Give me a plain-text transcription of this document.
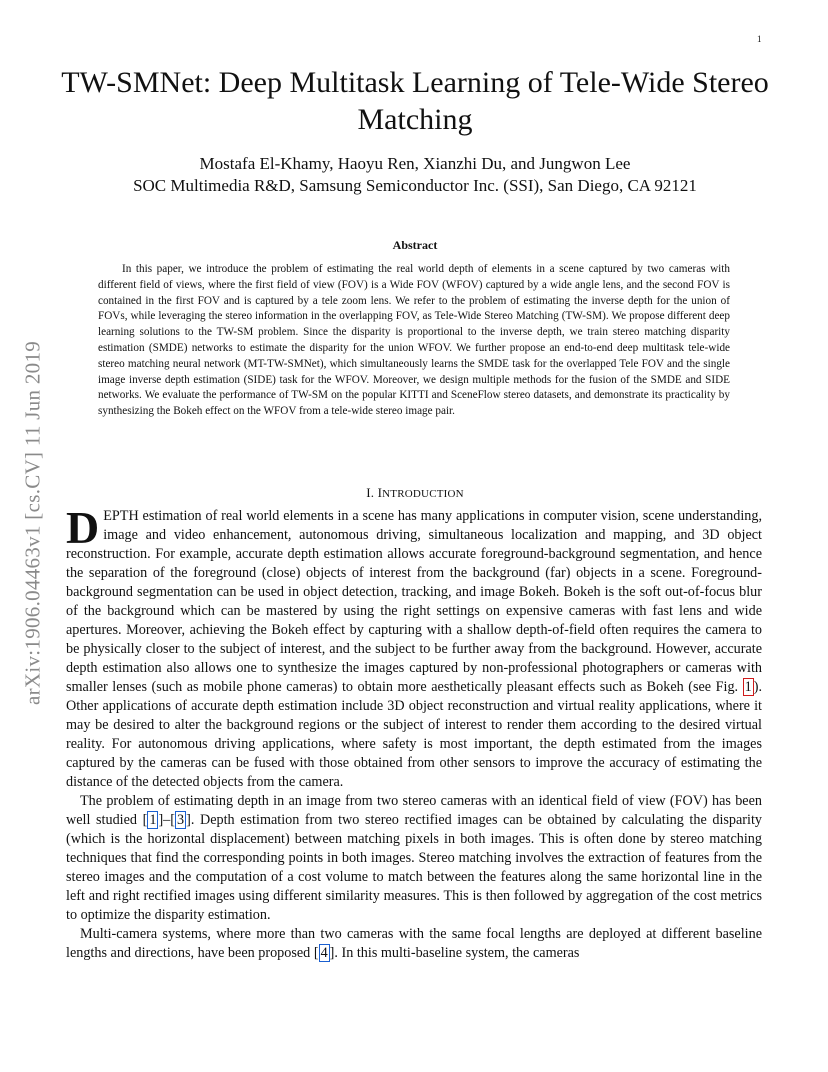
1
arXiv:1906.04463v1 [cs.CV] 11 Jun 2019
TW-SMNet: Deep Multitask Learning of Tele-Wide Stereo Matching
Mostafa El-Khamy, Haoyu Ren, Xianzhi Du, and Jungwon Lee
SOC Multimedia R&D, Samsung Semiconductor Inc. (SSI), San Diego, CA 92121
Abstract

In this paper, we introduce the problem of estimating the real world depth of elements in a scene captured by two cameras with different field of views, where the first field of view (FOV) is a Wide FOV (WFOV) captured by a wide angle lens, and the second FOV is contained in the first FOV and is captured by a tele zoom lens. We refer to the problem of estimating the inverse depth for the union of FOVs, while leveraging the stereo information in the overlapping FOV, as Tele-Wide Stereo Matching (TW-SM). We propose different deep learning solutions to the TW-SM problem. Since the disparity is proportional to the inverse depth, we train stereo matching disparity estimation (SMDE) networks to estimate the disparity for the union WFOV. We further propose an end-to-end deep multitask tele-wide stereo matching neural network (MT-TW-SMNet), which simultaneously learns the SMDE task for the overlapped Tele FOV and the single image inverse depth estimation (SIDE) task for the WFOV. Moreover, we design multiple methods for the fusion of the SMDE and SIDE networks. We evaluate the performance of TW-SM on the popular KITTI and SceneFlow stereo datasets, and demonstrate its practicality by synthesizing the Bokeh effect on the WFOV from a tele-wide stereo image pair.

I. INTRODUCTION

DEPTH estimation of real world elements in a scene has many applications in computer vision, scene understanding, image and video enhancement, autonomous driving, simultaneous localization and mapping, and 3D object reconstruction. For example, accurate depth estimation allows accurate foreground-background segmentation, and hence the separation of the foreground (close) objects of interest from the background (far) objects in a scene. Foreground-background segmentation can be used in object detection, tracking, and image Bokeh. Bokeh is the soft out-of-focus blur of the background which can be mastered by using the right settings on expensive cameras with fast lens and wide apertures. Moreover, achieving the Bokeh effect by capturing with a shallow depth-of-field often requires the camera to be physically closer to the subject of interest, and the subject to be further away from the background. However, accurate depth estimation also allows one to synthesize the images captured by non-professional photographers or cameras with smaller lenses (such as mobile phone cameras) to obtain more aesthetically pleasant effects such as Bokeh (see Fig. 1 ). Other applications of accurate depth estimation include 3D object reconstruction and virtual reality applications, where it may be desired to alter the background regions or the subject of interest to render them according to the desired virtual reality. For autonomous driving applications, where safety is most important, the depth estimated from the images captured by the cameras can be fused with those obtained from other sensors to improve the accuracy of estimating the distance of the detected objects from the camera.

The problem of estimating depth in an image from two stereo cameras with an identical field of view (FOV) has been well studied [ 1 ]–[ 3 ]. Depth estimation from two stereo rectified images can be obtained by calculating the disparity (which is the horizontal displacement) between matching pixels in both images. This is often done by stereo matching techniques that find the corresponding points in both images. Stereo matching involves the extraction of features from the stereo images and the computation of a cost volume to match between the features along the same horizontal line in the left and right rectified images using different similarity measures. This is then followed by aggregation of the cost metrics to optimize the disparity estimation.

Multi-camera systems, where more than two cameras with the same focal lengths are deployed at different baseline lengths and directions, have been proposed [ 4 ]. In this multi-baseline system, the cameras
